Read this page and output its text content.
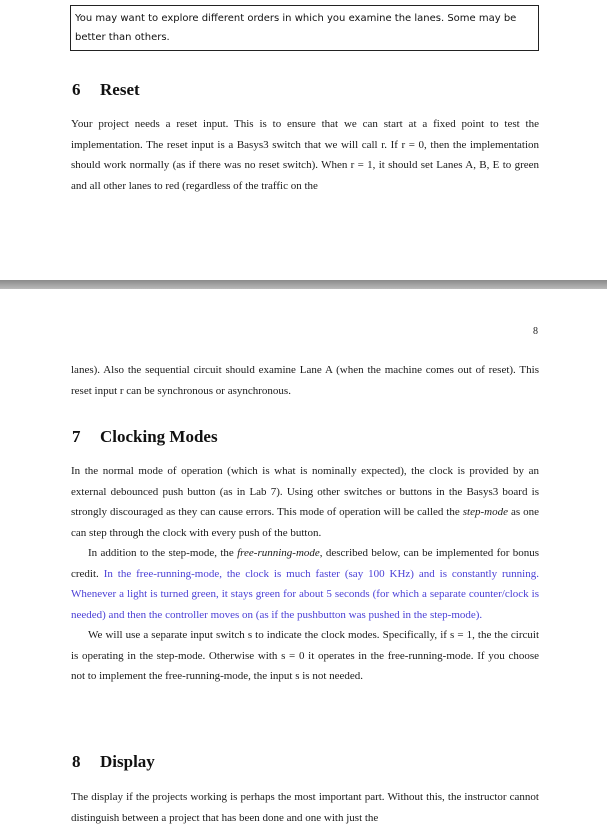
You may want to explore different orders in which you examine the lanes. Some may be better than others.
6 Reset
Your project needs a reset input. This is to ensure that we can start at a fixed point to test the implementation. The reset input is a Basys3 switch that we will call r. If r = 0, then the implementation should work normally (as if there was no reset switch). When r = 1, it should set Lanes A, B, E to green and all other lanes to red (regardless of the traffic on the
8
lanes). Also the sequential circuit should examine Lane A (when the machine comes out of reset). This reset input r can be synchronous or asynchronous.
7 Clocking Modes
In the normal mode of operation (which is what is nominally expected), the clock is provided by an external debounced push button (as in Lab 7). Using other switches or buttons in the Basys3 board is strongly discouraged as they can cause errors. This mode of operation will be called the step-mode as one can step through the clock with every push of the button.
In addition to the step-mode, the free-running-mode, described below, can be implemented for bonus credit. In the free-running-mode, the clock is much faster (say 100 KHz) and is constantly running. Whenever a light is turned green, it stays green for about 5 seconds (for which a separate counter/clock is needed) and then the controller moves on (as if the pushbutton was pushed in the step-mode).
We will use a separate input switch s to indicate the clock modes. Specifically, if s = 1, the the circuit is operating in the step-mode. Otherwise with s = 0 it operates in the free-running-mode. If you choose not to implement the free-running-mode, the input s is not needed.
8 Display
The display if the projects working is perhaps the most important part. Without this, the instructor cannot distinguish between a project that has been done and one with just the
